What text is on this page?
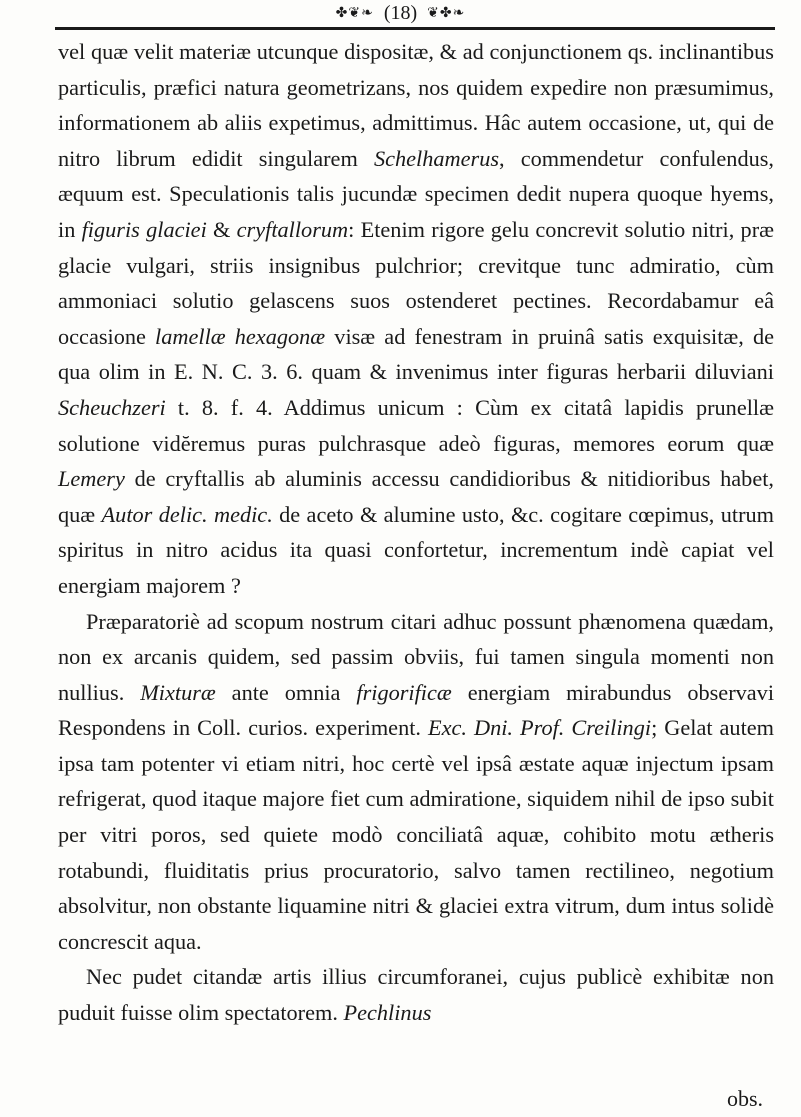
✤❦❧ (18) ❦✤❧

vel quæ velit materiæ utcunque dispositæ, & ad conjunctionem qs. inclinantibus particulis, præfici natura geometrizans, nos quidem expedire non præsumimus, informationem ab aliis expetimus, admittimus. Hâc autem occasione, ut, qui de nitro librum edidit singularem Schelhamerus, commendetur confulendus, æquum est. Speculationis talis jucundæ specimen dedit nupera quoque hyems, in figuris glaciei & cryftallorum: Etenim rigore gelu concrevit solutio nitri, præ glacie vulgari, striis insignibus pulchrior; crevitque tunc admiratio, cùm ammoniaci solutio gelascens suos ostenderet pectines. Recordabamur eâ occasione lamellæ hexagonæ visæ ad fenestram in pruinâ satis exquisitæ, de qua olim in E. N. C. 3. 6. quam & invenimus inter figuras herbarii diluviani Scheuchzeri t. 8. f. 4. Addimus unicum : Cùm ex citatâ lapidis prunellæ solutione vidĕremus puras pulchrasque adeò figuras, memores eorum quæ Lemery de cryftallis ab aluminis accessu candidioribus & nitidioribus habet, quæ Autor delic. medic. de aceto & alumine usto, &c. cogitare cœpimus, utrum spiritus in nitro acidus ita quasi confortetur, incrementum indè capiat vel energiam majorem ?

Præparatoriè ad scopum nostrum citari adhuc possunt phænomena quædam, non ex arcanis quidem, sed passim obviis, fui tamen singula momenti non nullius. Mixturæ ante omnia frigorificæ energiam mirabundus observavi Respondens in Coll. curios. experiment. Exc. Dni. Prof. Creilingi; Gelat autem ipsa tam potenter vi etiam nitri, hoc certè vel ipsâ æstate aquæ injectum ipsam refrigerat, quod itaque majore fiet cum admiratione, siquidem nihil de ipso subit per vitri poros, sed quiete modò conciliatâ aquæ, cohibito motu ætheris rotabundi, fluiditatis prius procuratorio, salvo tamen rectilineo, negotium absolvitur, non obstante liquamine nitri & glaciei extra vitrum, dum intus solidè concrescit aqua.

Nec pudet citandæ artis illius circumforanei, cujus publicè exhibitæ non puduit fuisse olim spectatorem. Pechlinus

obs.
